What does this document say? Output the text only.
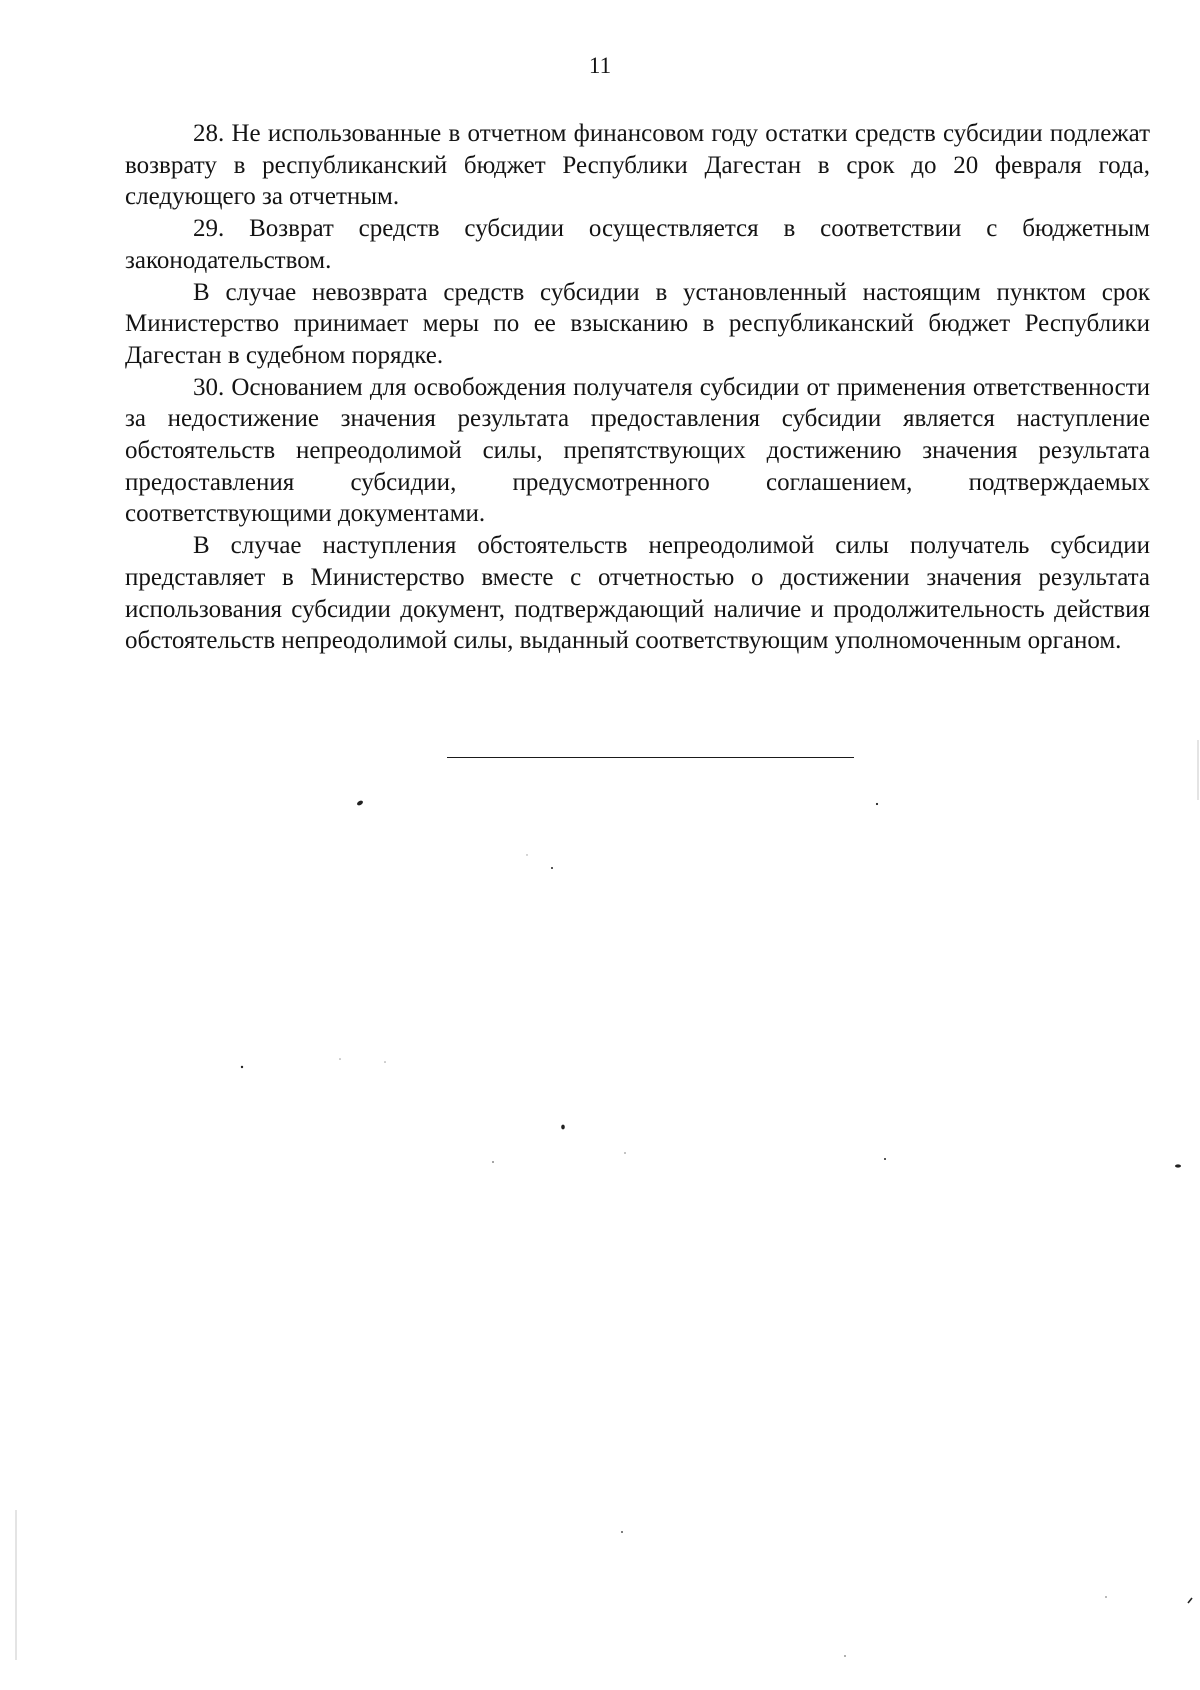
11

28. Не использованные в отчетном финансовом году остатки средств субсидии подлежат возврату в республиканский бюджет Республики Дагестан в срок до 20 февраля года, следующего за отчетным.

29. Возврат средств субсидии осуществляется в соответствии с бюджетным законодательством.

В случае невозврата средств субсидии в установленный настоящим пунктом срок Министерство принимает меры по ее взысканию в республиканский бюджет Республики Дагестан в судебном порядке.

30. Основанием для освобождения получателя субсидии от применения ответственности за недостижение значения результата предоставления субсидии является наступление обстоятельств непреодолимой силы, препятствующих достижению значения результата предоставления субсидии, предусмотренного соглашением, подтверждаемых соответствующими документами.

В случае наступления обстоятельств непреодолимой силы получатель субсидии представляет в Министерство вместе с отчетностью о достижении значения результата использования субсидии документ, подтверждающий наличие и продолжительность действия обстоятельств непреодолимой силы, выданный соответствующим уполномоченным органом.
